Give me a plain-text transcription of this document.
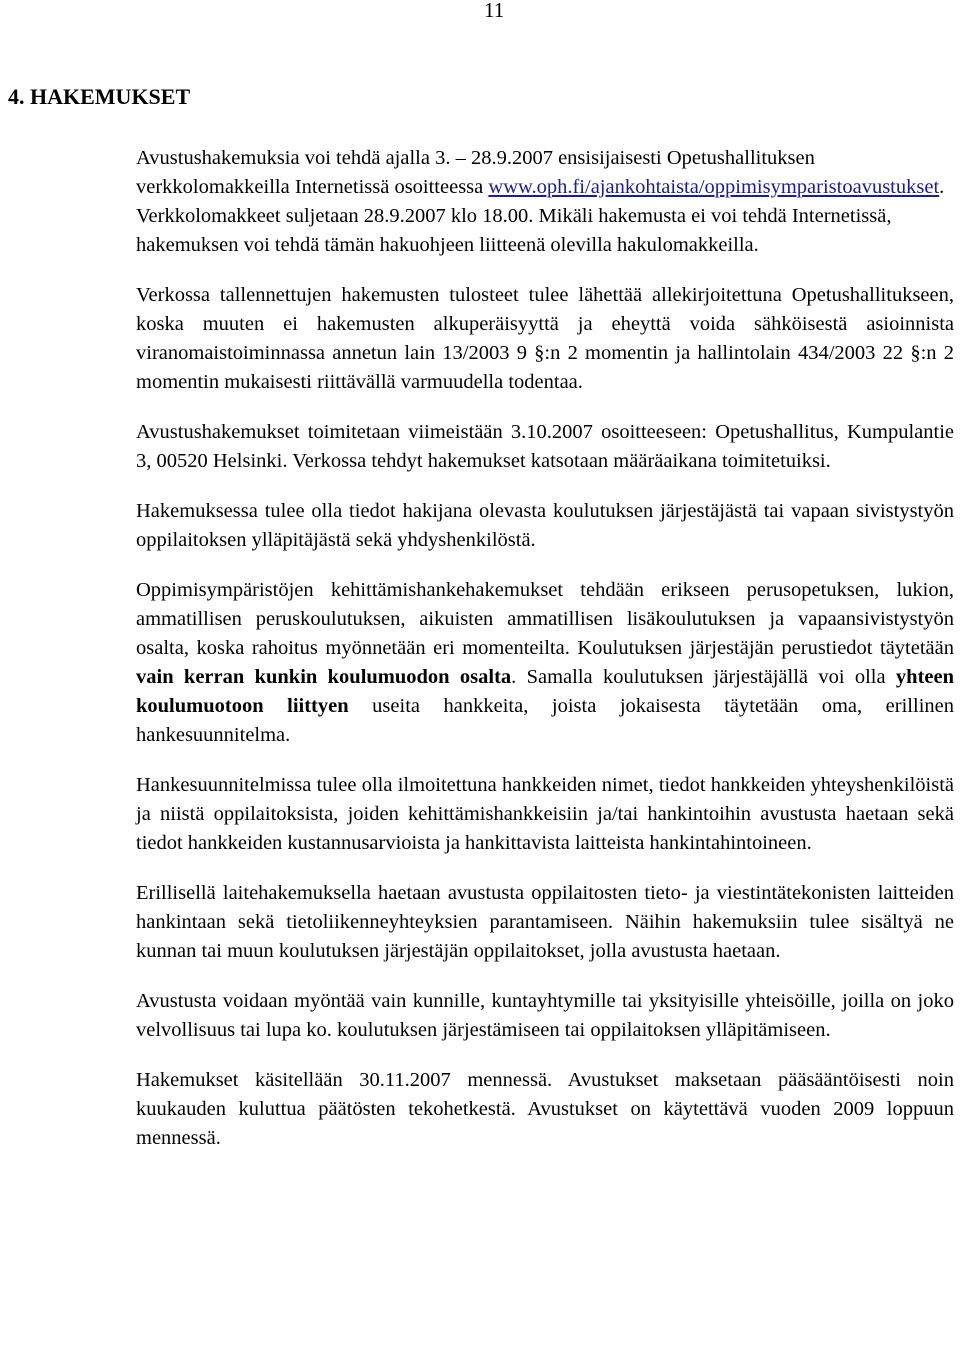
11
4. HAKEMUKSET

Avustushakemuksia voi tehdä ajalla 3. – 28.9.2007 ensisijaisesti Opetushallituksen verkkolomakkeilla Internetissä osoitteessa www.oph.fi/ajankohtaista/oppimisymparistoavustukset. Verkkolomakkeet suljetaan 28.9.2007 klo 18.00. Mikäli hakemusta ei voi tehdä Internetissä, hakemuksen voi tehdä tämän hakuohjeen liitteenä olevilla hakulomakkeilla.

Verkossa tallennettujen hakemusten tulosteet tulee lähettää allekirjoitettuna Opetushallitukseen, koska muuten ei hakemusten alkuperäisyyttä ja eheyttä voida sähköisestä asioinnista viranomaistoiminnassa annetun lain 13/2003 9 §:n 2 momentin ja hallintolain 434/2003 22 §:n 2 momentin mukaisesti riittävällä varmuudella todentaa.

Avustushakemukset toimitetaan viimeistään 3.10.2007 osoitteeseen: Opetushallitus, Kumpulantie 3, 00520 Helsinki. Verkossa tehdyt hakemukset katsotaan määräaikana toimitetuiksi.

Hakemuksessa tulee olla tiedot hakijana olevasta koulutuksen järjestäjästä tai vapaan sivistystyön oppilaitoksen ylläpitäjästä sekä yhdyshenkilöstä.

Oppimisympäristöjen kehittämishankehakemukset tehdään erikseen perusopetuksen, lukion, ammatillisen peruskoulutuksen, aikuisten ammatillisen lisäkoulutuksen ja vapaansivistystyön osalta, koska rahoitus myönnetään eri momenteilta. Koulutuksen järjestäjän perustiedot täytetään vain kerran kunkin koulumuodon osalta. Samalla koulutuksen järjestäjällä voi olla yhteen koulumuotoon liittyen useita hankkeita, joista jokaisesta täytetään oma, erillinen hankesuunnitelma.

Hankesuunnitelmissa tulee olla ilmoitettuna hankkeiden nimet, tiedot hankkeiden yhteyshenkilöistä ja niistä oppilaitoksista, joiden kehittämishankkeisiin ja/tai hankintoihin avustusta haetaan sekä tiedot hankkeiden kustannusarvioista ja hankittavista laitteista hankintahintoineen.

Erillisellä laitehakemuksella haetaan avustusta oppilaitosten tieto- ja viestintätekonisten laitteiden hankintaan sekä tietoliikenneyhteyksien parantamiseen. Näihin hakemuksiin tulee sisältyä ne kunnan tai muun koulutuksen järjestäjän oppilaitokset, jolla avustusta haetaan.

Avustusta voidaan myöntää vain kunnille, kuntayhtymille tai yksityisille yhteisöille, joilla on joko velvollisuus tai lupa ko. koulutuksen järjestämiseen tai oppilaitoksen ylläpitämiseen.

Hakemukset käsitellään 30.11.2007 mennessä. Avustukset maksetaan pääsääntöisesti noin kuukauden kuluttua päätösten tekohetkestä. Avustukset on käytettävä vuoden 2009 loppuun mennessä.
